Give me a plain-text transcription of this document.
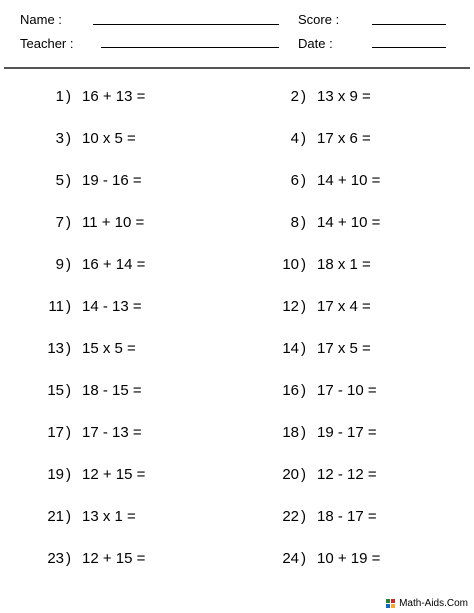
Name :	Score :
Teacher :	Date :
1 ) 16 + 13 =	2 ) 13 x 9 =
3 ) 10 x 5 =	4 ) 17 x 6 =
5 ) 19 - 16 =	6 ) 14 + 10 =
7 ) 11 + 10 =	8 ) 14 + 10 =
9 ) 16 + 14 =	10 ) 18 x 1 =
11 ) 14 - 13 =	12 ) 17 x 4 =
13 ) 15 x 5 =	14 ) 17 x 5 =
15 ) 18 - 15 =	16 ) 17 - 10 =
17 ) 17 - 13 =	18 ) 19 - 17 =
19 ) 12 + 15 =	20 ) 12 - 12 =
21 ) 13 x 1 =	22 ) 18 - 17 =
23 ) 12 + 15 =	24 ) 10 + 19 =
Math-Aids.Com
